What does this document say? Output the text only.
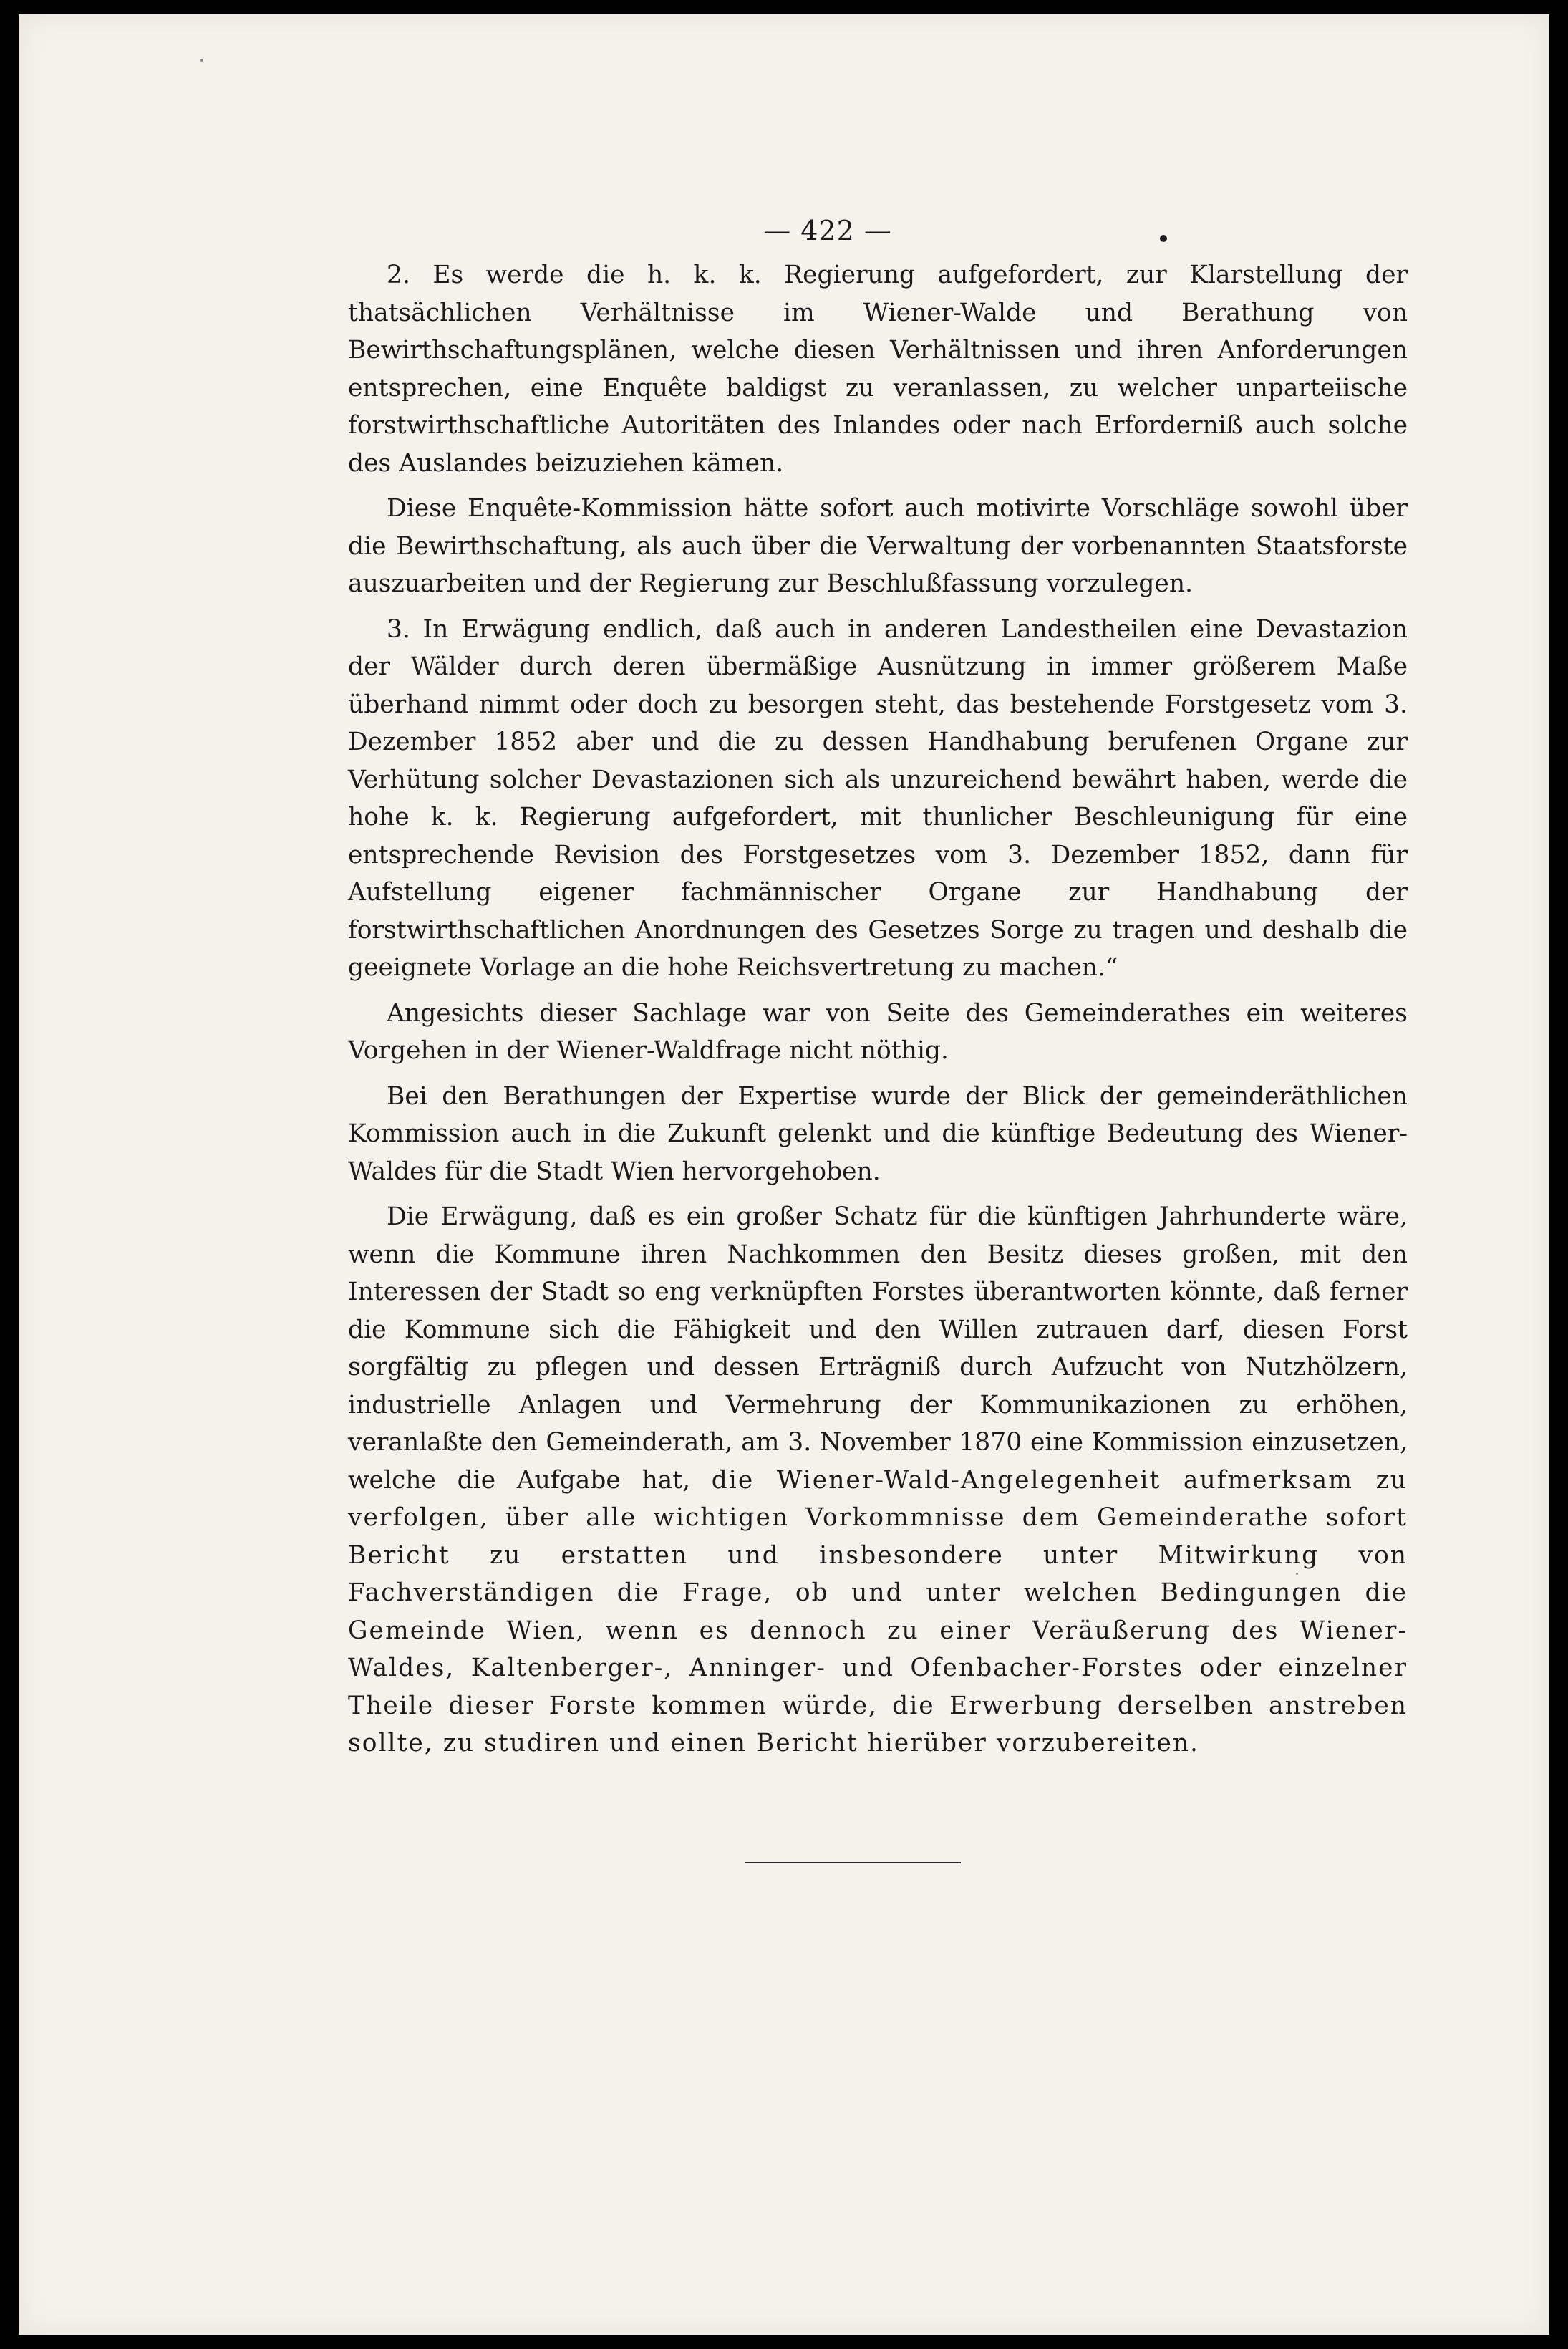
— 422 —

2. Es werde die h. k. k. Regierung aufgefordert, zur Klarstellung der thatsächlichen Verhältnisse im Wiener-Walde und Berathung von Bewirthschaftungsplänen, welche diesen Verhältnissen und ihren Anforderungen entsprechen, eine Enquête baldigst zu veranlassen, zu welcher unparteiische forstwirthschaftliche Autoritäten des Inlandes oder nach Erforderniß auch solche des Auslandes beizuziehen kämen.

Diese Enquête-Kommission hätte sofort auch motivirte Vorschläge sowohl über die Bewirthschaftung, als auch über die Verwaltung der vorbenannten Staatsforste auszuarbeiten und der Regierung zur Beschlußfassung vorzulegen.

3. In Erwägung endlich, daß auch in anderen Landestheilen eine Devastazion der Wälder durch deren übermäßige Ausnützung in immer größerem Maße überhand nimmt oder doch zu besorgen steht, das bestehende Forstgesetz vom 3. Dezember 1852 aber und die zu dessen Handhabung berufenen Organe zur Verhütung solcher Devastazionen sich als unzureichend bewährt haben, werde die hohe k. k. Regierung aufgefordert, mit thunlicher Beschleunigung für eine entsprechende Revision des Forstgesetzes vom 3. Dezember 1852, dann für Aufstellung eigener fachmännischer Organe zur Handhabung der forstwirthschaftlichen Anordnungen des Gesetzes Sorge zu tragen und deshalb die geeignete Vorlage an die hohe Reichsvertretung zu machen.“

Angesichts dieser Sachlage war von Seite des Gemeinderathes ein weiteres Vorgehen in der Wiener-Waldfrage nicht nöthig.

Bei den Berathungen der Expertise wurde der Blick der gemeinderäthlichen Kommission auch in die Zukunft gelenkt und die künftige Bedeutung des Wiener-Waldes für die Stadt Wien hervorgehoben.

Die Erwägung, daß es ein großer Schatz für die künftigen Jahrhunderte wäre, wenn die Kommune ihren Nachkommen den Besitz dieses großen, mit den Interessen der Stadt so eng verknüpften Forstes überantworten könnte, daß ferner die Kommune sich die Fähigkeit und den Willen zutrauen darf, diesen Forst sorgfältig zu pflegen und dessen Erträgniß durch Aufzucht von Nutzhölzern, industrielle Anlagen und Vermehrung der Kommunikazionen zu erhöhen, veranlaßte den Gemeinderath, am 3. November 1870 eine Kommission einzusetzen, welche die Aufgabe hat, die Wiener-Wald-Angelegenheit aufmerksam zu verfolgen, über alle wichtigen Vorkommnisse dem Gemeinderathe sofort Bericht zu erstatten und insbesondere unter Mitwirkung von Fachverständigen die Frage, ob und unter welchen Bedingungen die Gemeinde Wien, wenn es dennoch zu einer Veräußerung des Wiener-Waldes, Kaltenberger-, Anninger- und Ofenbacher-Forstes oder einzelner Theile dieser Forste kommen würde, die Erwerbung derselben anstreben sollte, zu studiren und einen Bericht hierüber vorzubereiten.
